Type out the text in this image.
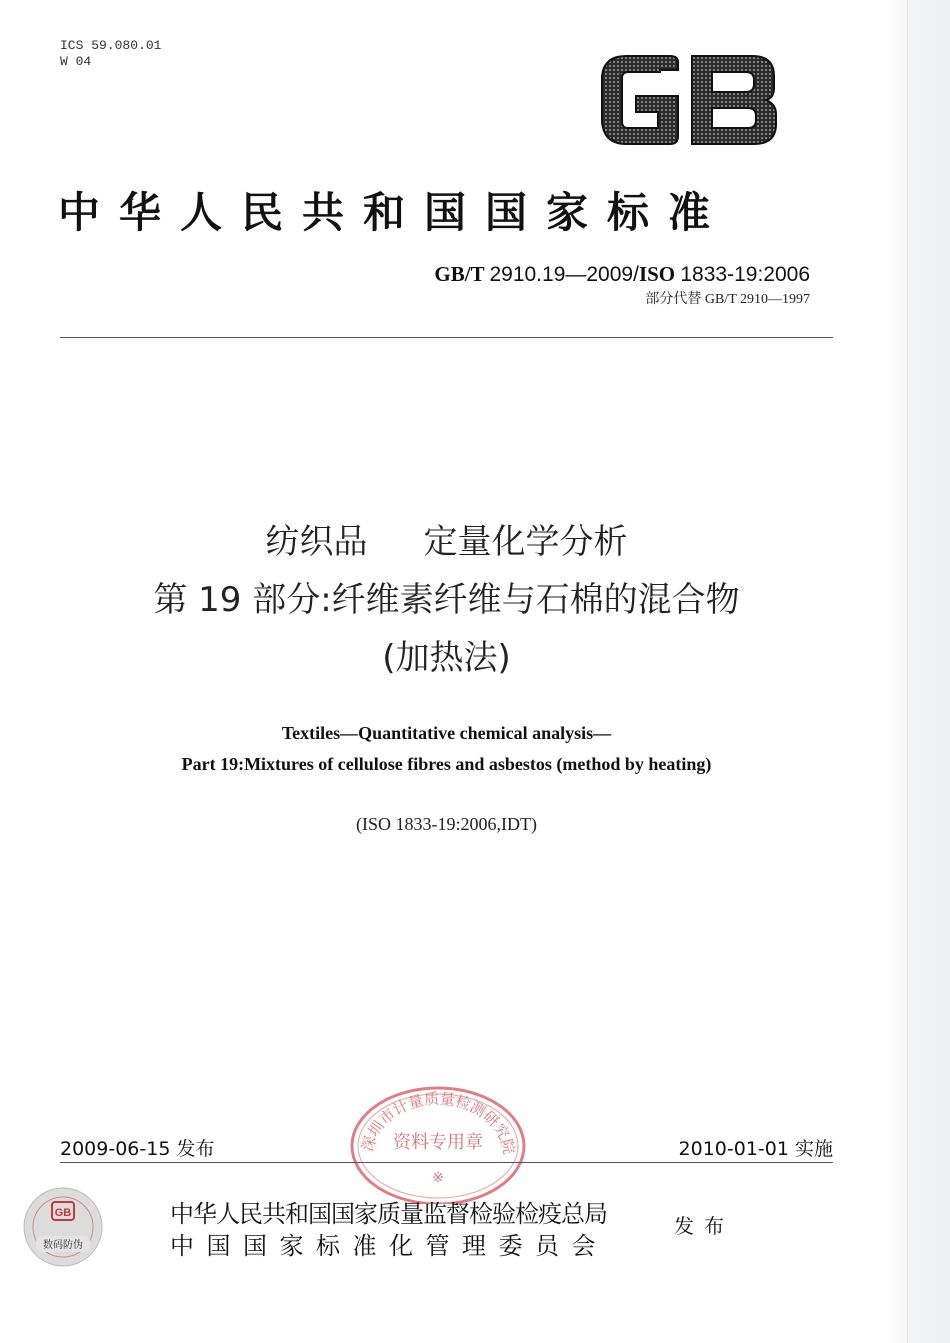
ICS 59.080.01
W 04
中华人民共和国国家标准
GB/T 2910.19—2009/ISO 1833-19:2006
部分代替 GB/T 2910—1997
纺织品 定量化学分析
第 19 部分:纤维素纤维与石棉的混合物
(加热法)
Textiles—Quantitative chemical analysis—
Part 19:Mixtures of cellulose fibres and asbestos (method by heating)
(ISO 1833-19:2006,IDT)
深圳市计量质量检测研究院
资料专用章
※
2009-06-15 发布	2010-01-01 实施
GB
数码防伪
中华人民共和国国家质量监督检验检疫总局
中国国家标准化管理委员会
发布
